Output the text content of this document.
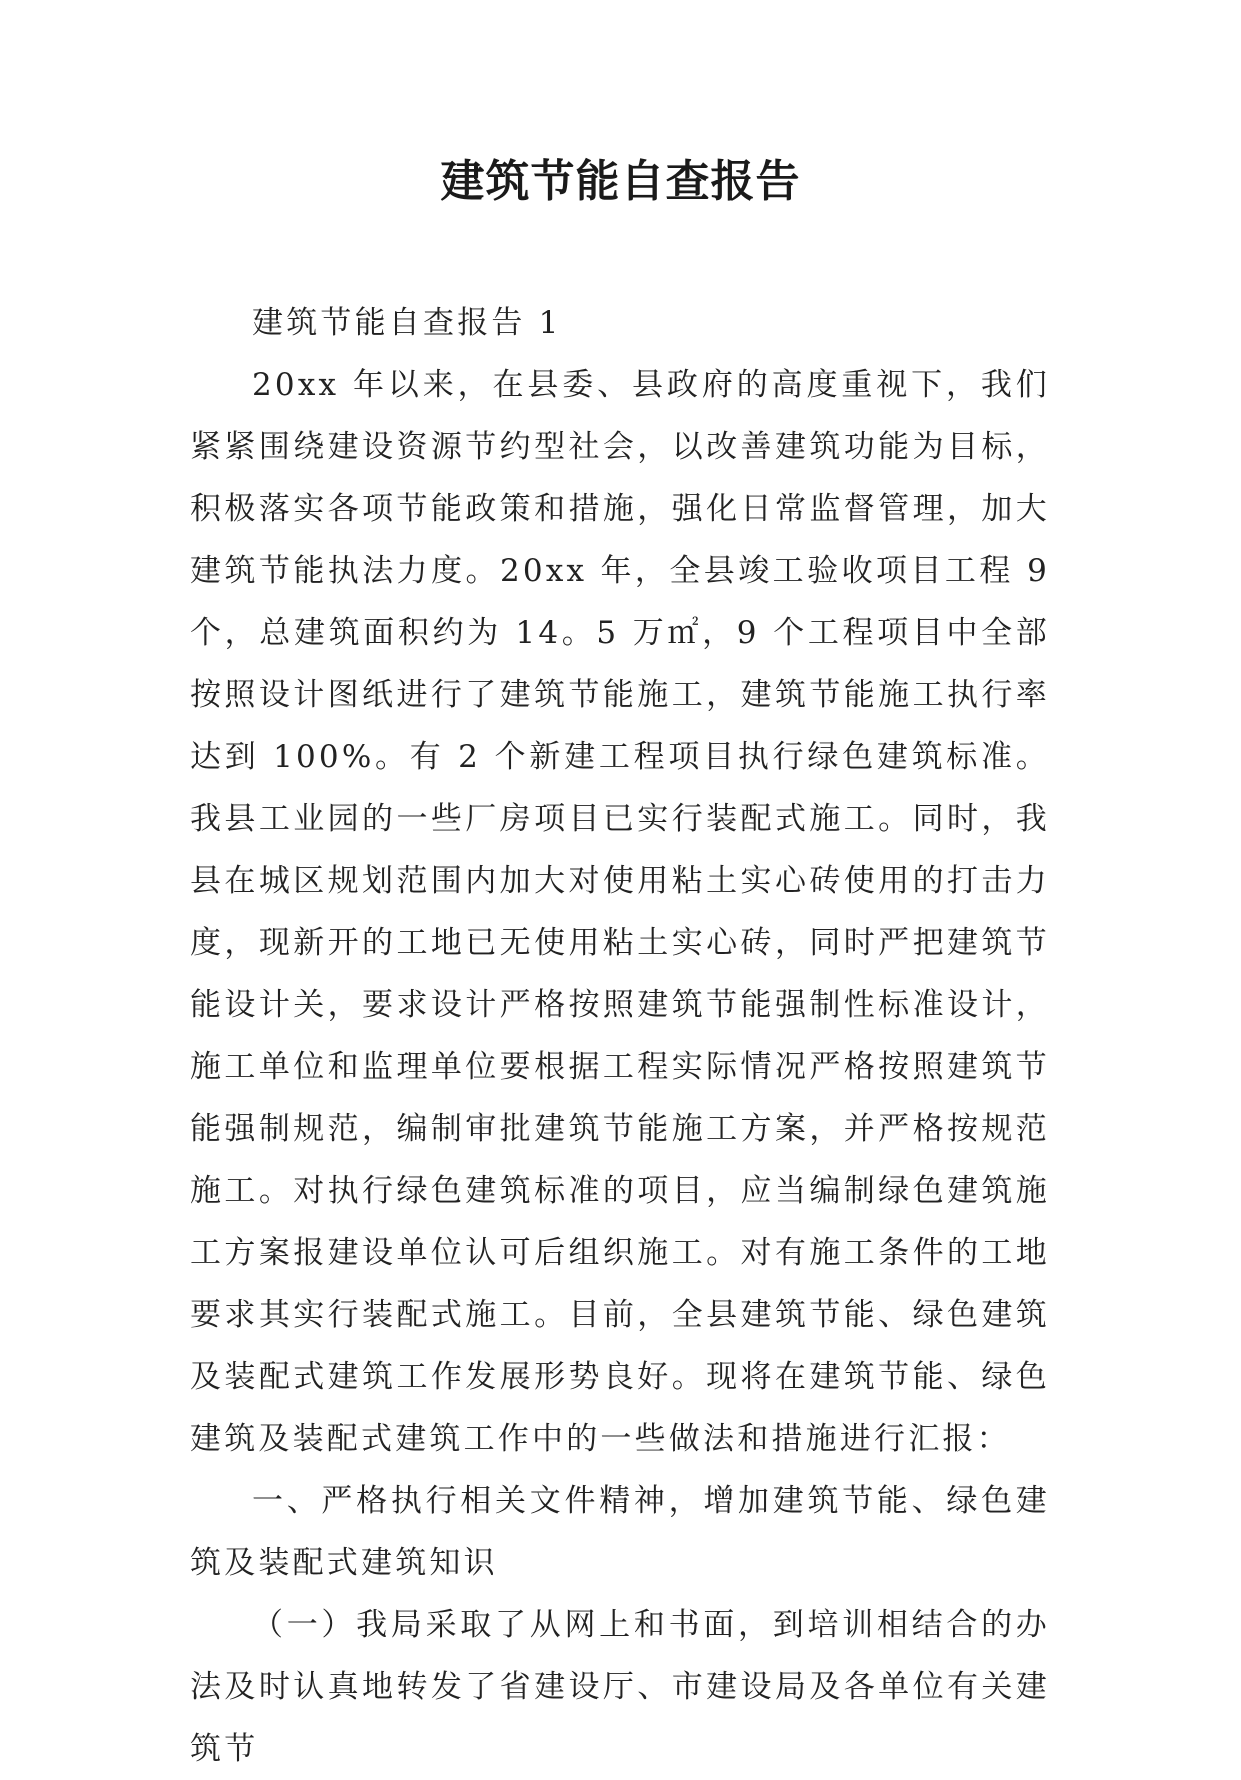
建筑节能自查报告

建筑节能自查报告 1

20xx 年以来，在县委、县政府的高度重视下，我们紧紧围绕建设资源节约型社会，以改善建筑功能为目标，积极落实各项节能政策和措施，强化日常监督管理，加大建筑节能执法力度。20xx 年，全县竣工验收项目工程 9 个，总建筑面积约为 14。5 万㎡，9 个工程项目中全部按照设计图纸进行了建筑节能施工，建筑节能施工执行率达到 100%。有 2 个新建工程项目执行绿色建筑标准。我县工业园的一些厂房项目已实行装配式施工。同时，我县在城区规划范围内加大对使用粘土实心砖使用的打击力度，现新开的工地已无使用粘土实心砖，同时严把建筑节能设计关，要求设计严格按照建筑节能强制性标准设计，施工单位和监理单位要根据工程实际情况严格按照建筑节能强制规范，编制审批建筑节能施工方案，并严格按规范施工。对执行绿色建筑标准的项目，应当编制绿色建筑施工方案报建设单位认可后组织施工。对有施工条件的工地要求其实行装配式施工。目前，全县建筑节能、绿色建筑及装配式建筑工作发展形势良好。现将在建筑节能、绿色建筑及装配式建筑工作中的一些做法和措施进行汇报：

一、严格执行相关文件精神，增加建筑节能、绿色建筑及装配式建筑知识

（一）我局采取了从网上和书面，到培训相结合的办法及时认真地转发了省建设厅、市建设局及各单位有关建筑节
